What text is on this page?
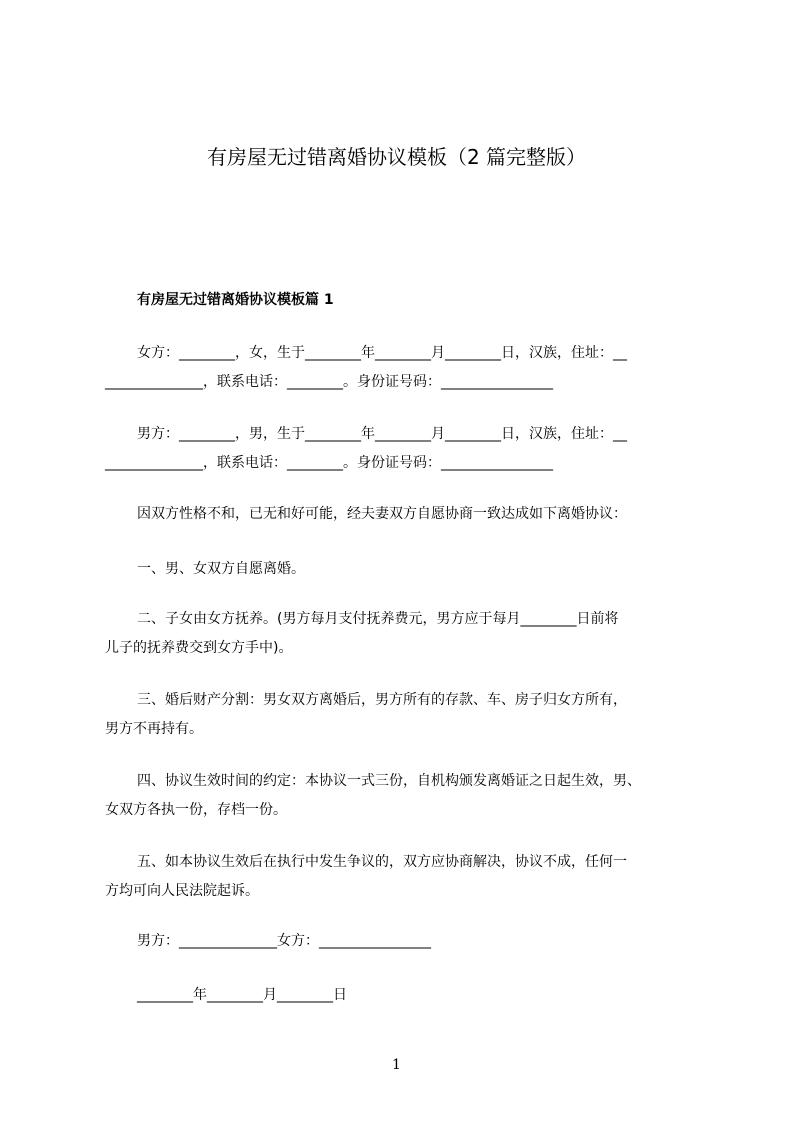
有房屋无过错离婚协议模板（2 篇完整版）
有房屋无过错离婚协议模板篇 1

女方：________，女，生于________年________月________日，汉族，住址：__
______________，联系电话：________。身份证号码：________________

男方：________，男，生于________年________月________日，汉族，住址：__
______________，联系电话：________。身份证号码：________________

因双方性格不和，已无和好可能，经夫妻双方自愿协商一致达成如下离婚协议：
一、男、女双方自愿离婚。

二、子女由女方抚养。(男方每月支付抚养费元，男方应于每月________日前将
儿子的抚养费交到女方手中)。

三、婚后财产分割：男女双方离婚后，男方所有的存款、车、房子归女方所有，
男方不再持有。

四、协议生效时间的约定：本协议一式三份，自机构颁发离婚证之日起生效，男、
女双方各执一份，存档一份。

五、如本协议生效后在执行中发生争议的，双方应协商解决，协议不成，任何一
方均可向人民法院起诉。

男方：______________女方：________________
________年________月________日
1
